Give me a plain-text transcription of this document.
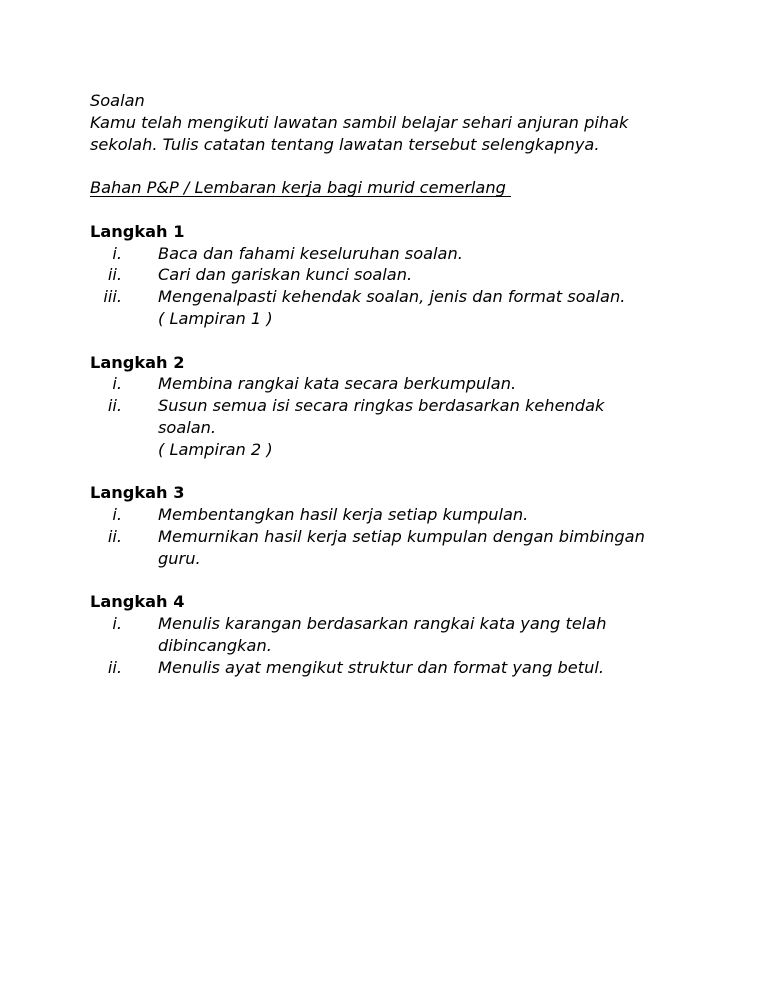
Soalan
Kamu telah mengikuti lawatan sambil belajar sehari anjuran pihak
sekolah. Tulis catatan tentang lawatan tersebut selengkapnya.
Bahan P&P / Lembaran kerja bagi murid cemerlang
Langkah 1
i. Baca dan fahami keseluruhan soalan.
ii. Cari dan gariskan kunci soalan.
iii. Mengenalpasti kehendak soalan, jenis dan format soalan.
( Lampiran 1 )
Langkah 2
i. Membina rangkai kata secara berkumpulan.
ii. Susun semua isi secara ringkas berdasarkan kehendak
soalan.
( Lampiran 2 )
Langkah 3
i. Membentangkan hasil kerja setiap kumpulan.
ii. Memurnikan hasil kerja setiap kumpulan dengan bimbingan
guru.
Langkah 4
i. Menulis karangan berdasarkan rangkai kata yang telah
dibincangkan.
ii. Menulis ayat mengikut struktur dan format yang betul.
